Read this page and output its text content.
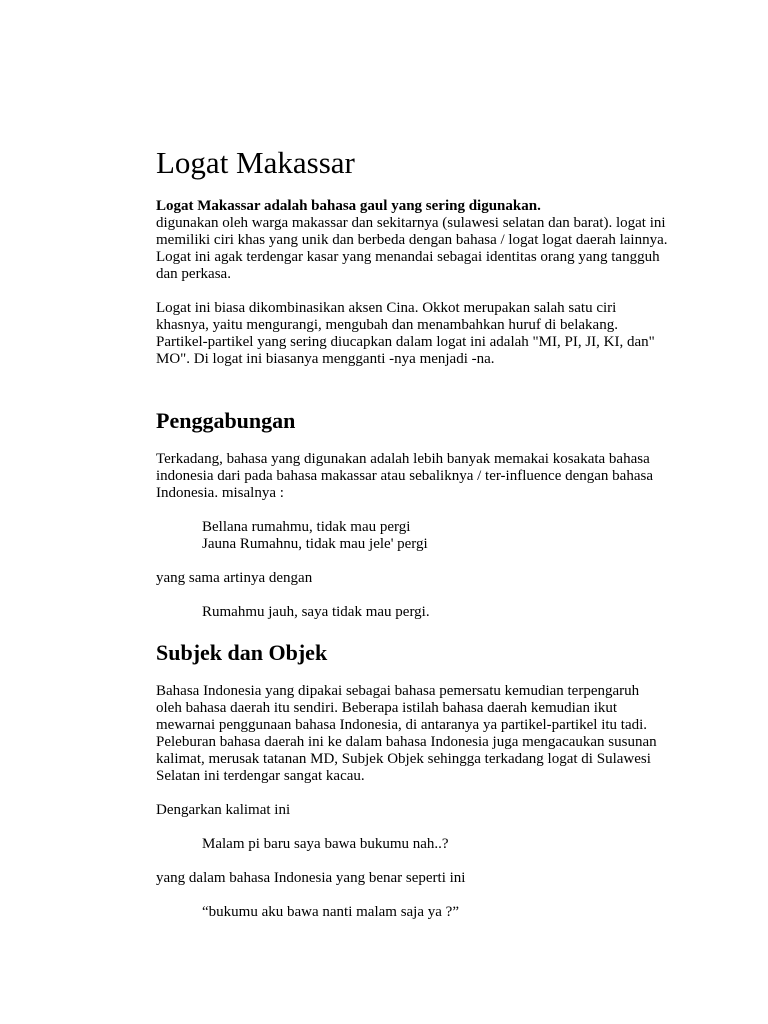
Logat Makassar

Logat Makassar adalah bahasa gaul yang sering digunakan.

digunakan oleh warga makassar dan sekitarnya (sulawesi selatan dan barat). logat ini memiliki ciri khas yang unik dan berbeda dengan bahasa / logat logat daerah lainnya. Logat ini agak terdengar kasar yang menandai sebagai identitas orang yang tangguh dan perkasa.

Logat ini biasa dikombinasikan aksen Cina. Okkot merupakan salah satu ciri khasnya, yaitu mengurangi, mengubah dan menambahkan huruf di belakang. Partikel-partikel yang sering diucapkan dalam logat ini adalah "MI, PI, JI, KI, dan" MO". Di logat ini biasanya mengganti -nya menjadi -na.

Penggabungan

Terkadang, bahasa yang digunakan adalah lebih banyak memakai kosakata bahasa indonesia dari pada bahasa makassar atau sebaliknya / ter-influence dengan bahasa Indonesia. misalnya :

Bellana rumahmu, tidak mau pergi

Jauna Rumahnu, tidak mau jele' pergi

yang sama artinya dengan

Rumahmu jauh, saya tidak mau pergi.

Subjek dan Objek

Bahasa Indonesia yang dipakai sebagai bahasa pemersatu kemudian terpengaruh oleh bahasa daerah itu sendiri. Beberapa istilah bahasa daerah kemudian ikut mewarnai penggunaan bahasa Indonesia, di antaranya ya partikel-partikel itu tadi. Peleburan bahasa daerah ini ke dalam bahasa Indonesia juga mengacaukan susunan kalimat, merusak tatanan MD, Subjek Objek sehingga terkadang logat di Sulawesi Selatan ini terdengar sangat kacau.

Dengarkan kalimat ini

Malam pi baru saya bawa bukumu nah..?

yang dalam bahasa Indonesia yang benar seperti ini

“bukumu aku bawa nanti malam saja ya ?”
